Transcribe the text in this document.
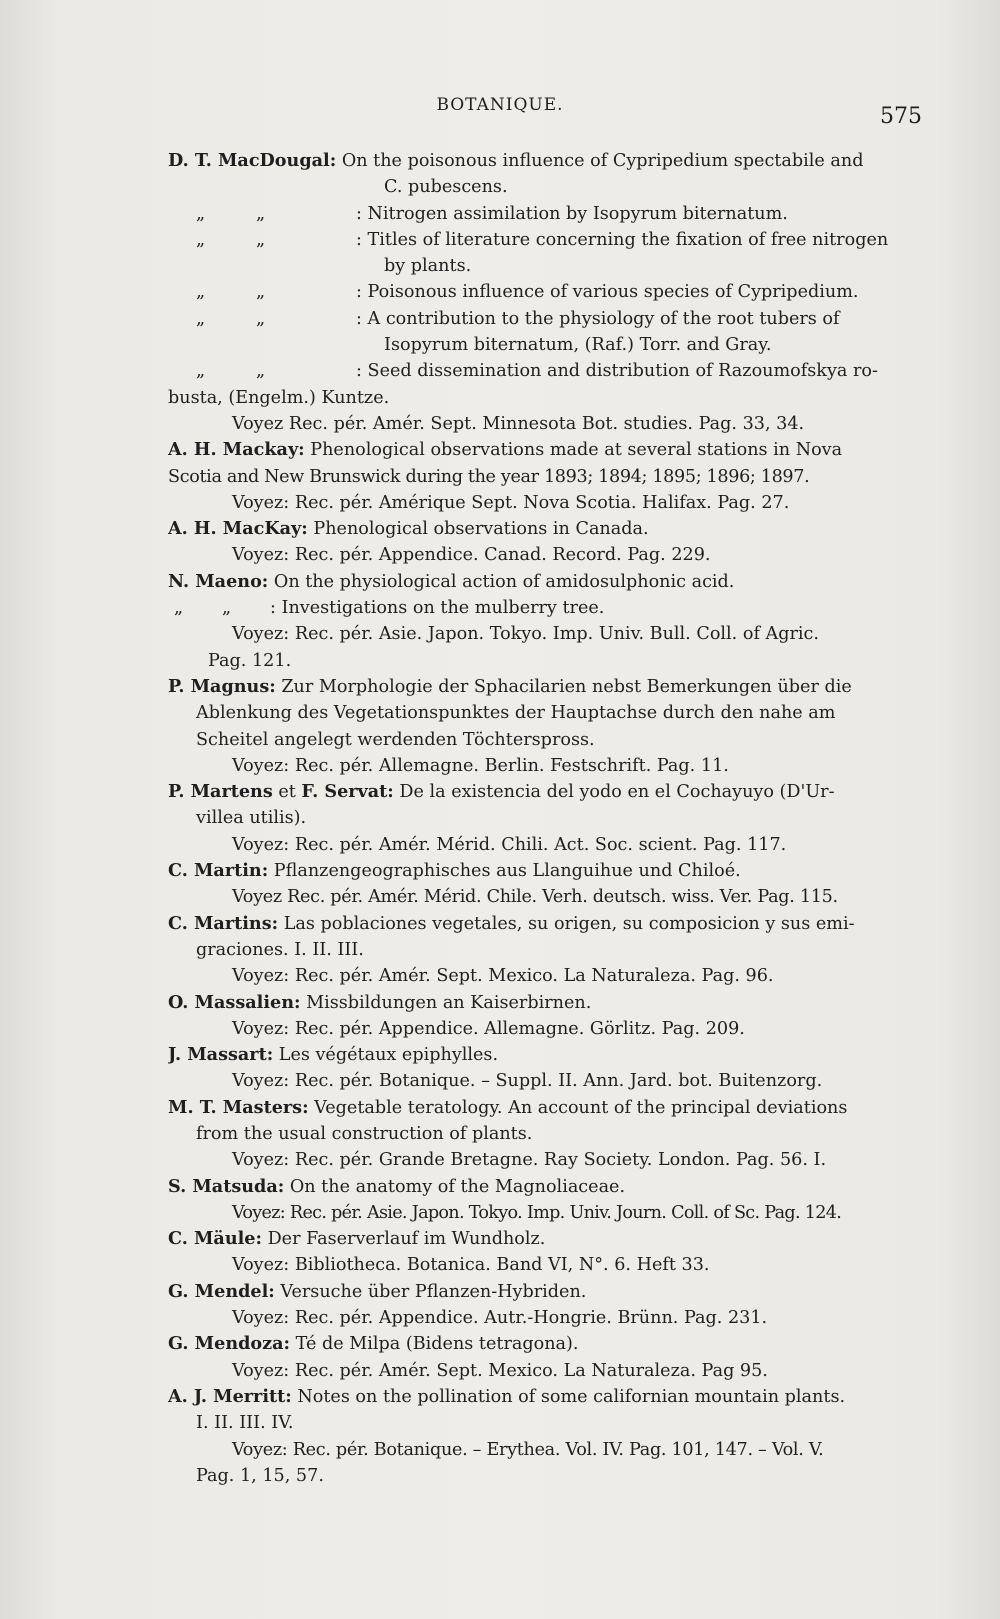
BOTANIQUE.	575
D. T. MacDougal: On the poisonous influence of Cypripedium spectabile and
C. pubescens.
„	„	: Nitrogen assimilation by Isopyrum biternatum.
„	„	: Titles of literature concerning the fixation of free nitrogen
by plants.
„	„	: Poisonous influence of various species of Cypripedium.
„	„	: A contribution to the physiology of the root tubers of
Isopyrum biternatum, (Raf.) Torr. and Gray.
„	„	: Seed dissemination and distribution of Razoumofskya ro-
busta, (Engelm.) Kuntze.
Voyez Rec. pér. Amér. Sept. Minnesota Bot. studies. Pag. 33, 34.
A. H. Mackay: Phenological observations made at several stations in Nova
Scotia and New Brunswick during the year 1893; 1894; 1895; 1896; 1897.
Voyez: Rec. pér. Amérique Sept. Nova Scotia. Halifax. Pag. 27.
A. H. MacKay: Phenological observations in Canada.
Voyez: Rec. pér. Appendice. Canad. Record. Pag. 229.
N. Maeno: On the physiological action of amidosulphonic acid.
„ „ : Investigations on the mulberry tree.
Voyez: Rec. pér. Asie. Japon. Tokyo. Imp. Univ. Bull. Coll. of Agric.
Pag. 121.
P. Magnus: Zur Morphologie der Sphacilarien nebst Bemerkungen über die
Ablenkung des Vegetationspunktes der Hauptachse durch den nahe am
Scheitel angelegt werdenden Töchterspross.
Voyez: Rec. pér. Allemagne. Berlin. Festschrift. Pag. 11.
P. Martens et F. Servat: De la existencia del yodo en el Cochayuyo (D'Ur-
villea utilis).
Voyez: Rec. pér. Amér. Mérid. Chili. Act. Soc. scient. Pag. 117.
C. Martin: Pflanzengeographisches aus Llanguihue und Chiloé.
Voyez Rec. pér. Amér. Mérid. Chile. Verh. deutsch. wiss. Ver. Pag. 115.
C. Martins: Las poblaciones vegetales, su origen, su composicion y sus emi-
graciones. I. II. III.
Voyez: Rec. pér. Amér. Sept. Mexico. La Naturaleza. Pag. 96.
O. Massalien: Missbildungen an Kaiserbirnen.
Voyez: Rec. pér. Appendice. Allemagne. Görlitz. Pag. 209.
J. Massart: Les végétaux epiphylles.
Voyez: Rec. pér. Botanique. – Suppl. II. Ann. Jard. bot. Buitenzorg.
M. T. Masters: Vegetable teratology. An account of the principal deviations
from the usual construction of plants.
Voyez: Rec. pér. Grande Bretagne. Ray Society. London. Pag. 56. I.
S. Matsuda: On the anatomy of the Magnoliaceae.
Voyez: Rec. pér. Asie. Japon. Tokyo. Imp. Univ. Journ. Coll. of Sc. Pag. 124.
C. Mäule: Der Faserverlauf im Wundholz.
Voyez: Bibliotheca. Botanica. Band VI, N°. 6. Heft 33.
G. Mendel: Versuche über Pflanzen-Hybriden.
Voyez: Rec. pér. Appendice. Autr.-Hongrie. Brünn. Pag. 231.
G. Mendoza: Té de Milpa (Bidens tetragona).
Voyez: Rec. pér. Amér. Sept. Mexico. La Naturaleza. Pag 95.
A. J. Merritt: Notes on the pollination of some californian mountain plants.
I. II. III. IV.
Voyez: Rec. pér. Botanique. – Erythea. Vol. IV. Pag. 101, 147. – Vol. V.
Pag. 1, 15, 57.
